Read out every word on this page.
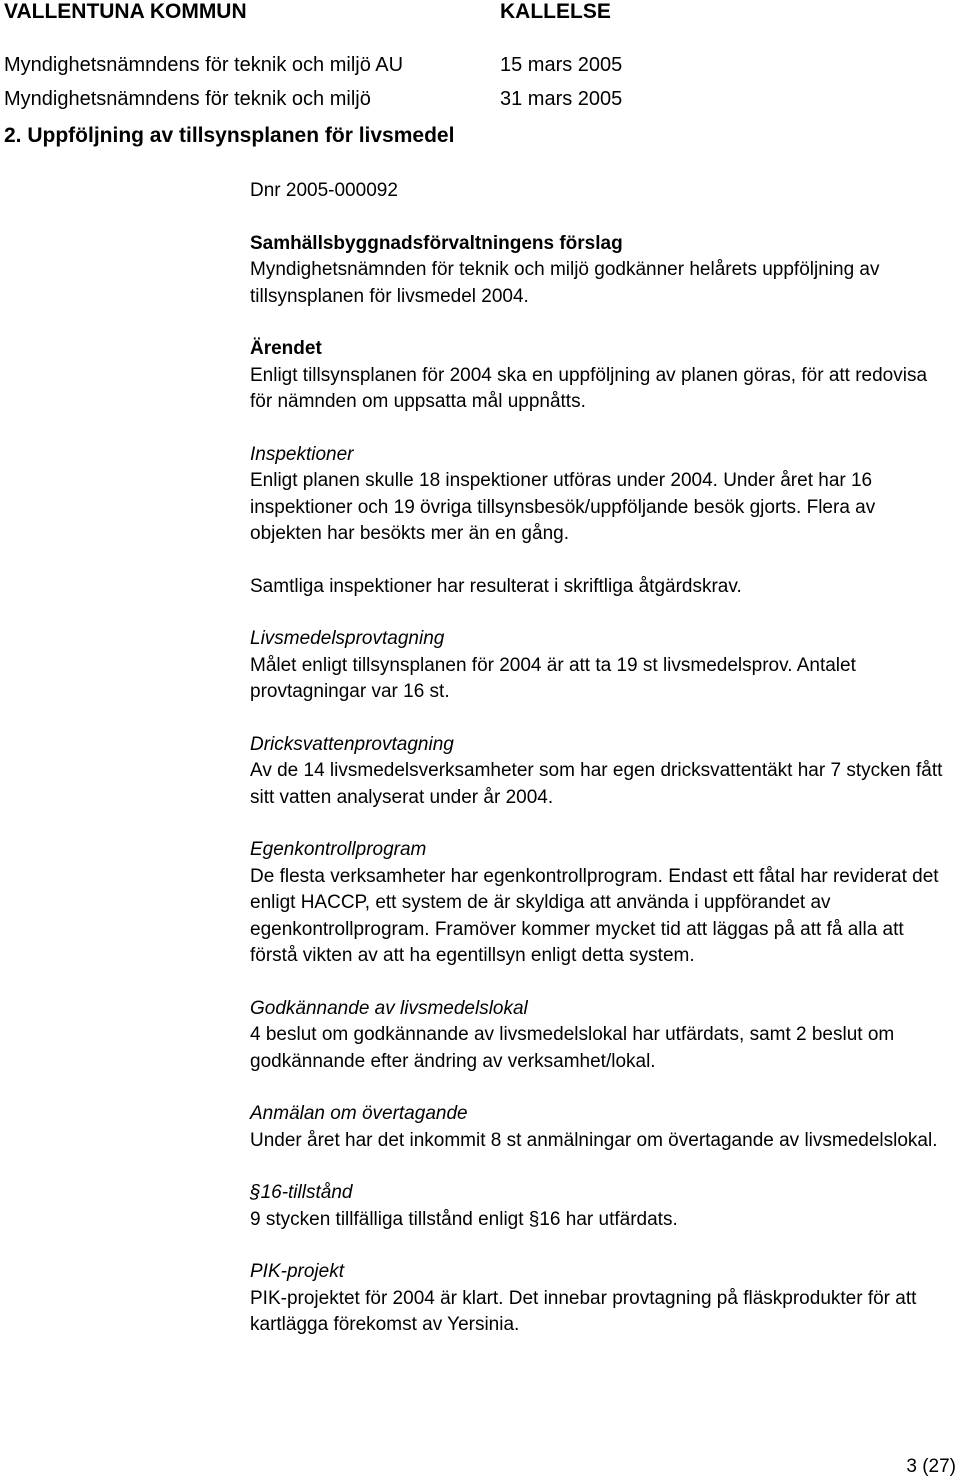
VALLENTUNA KOMMUN	KALLELSE
Myndighetsnämndens för teknik och miljö AU	15 mars 2005
Myndighetsnämndens för teknik och miljö	31 mars 2005
2. Uppföljning av tillsynsplanen för livsmedel

Dnr 2005-000092

Samhällsbyggnadsförvaltningens förslag

Myndighetsnämnden för teknik och miljö godkänner helårets uppföljning av tillsynsplanen för livsmedel 2004.

Ärendet

Enligt tillsynsplanen för 2004 ska en uppföljning av planen göras, för att redovisa för nämnden om uppsatta mål uppnåtts.

Inspektioner

Enligt planen skulle 18 inspektioner utföras under 2004. Under året har 16 inspektioner och 19 övriga tillsynsbesök/uppföljande besök gjorts. Flera av objekten har besökts mer än en gång.

Samtliga inspektioner har resulterat i skriftliga åtgärdskrav.

Livsmedelsprovtagning

Målet enligt tillsynsplanen för 2004 är att ta 19 st livsmedelsprov. Antalet provtagningar var 16 st.

Dricksvattenprovtagning

Av de 14 livsmedelsverksamheter som har egen dricksvattentäkt har 7 stycken fått sitt vatten analyserat under år 2004.

Egenkontrollprogram

De flesta verksamheter har egenkontrollprogram. Endast ett fåtal har reviderat det enligt HACCP, ett system de är skyldiga att använda i uppförandet av egenkontrollprogram. Framöver kommer mycket tid att läggas på att få alla att förstå vikten av att ha egentillsyn enligt detta system.

Godkännande av livsmedelslokal

4 beslut om godkännande av livsmedelslokal har utfärdats, samt 2 beslut om godkännande efter ändring av verksamhet/lokal.

Anmälan om övertagande

Under året har det inkommit 8 st anmälningar om övertagande av livsmedelslokal.

§16-tillstånd

9 stycken tillfälliga tillstånd enligt §16 har utfärdats.

PIK-projekt

PIK-projektet för 2004 är klart. Det innebar provtagning på fläskprodukter för att kartlägga förekomst av Yersinia.

3 (27)
